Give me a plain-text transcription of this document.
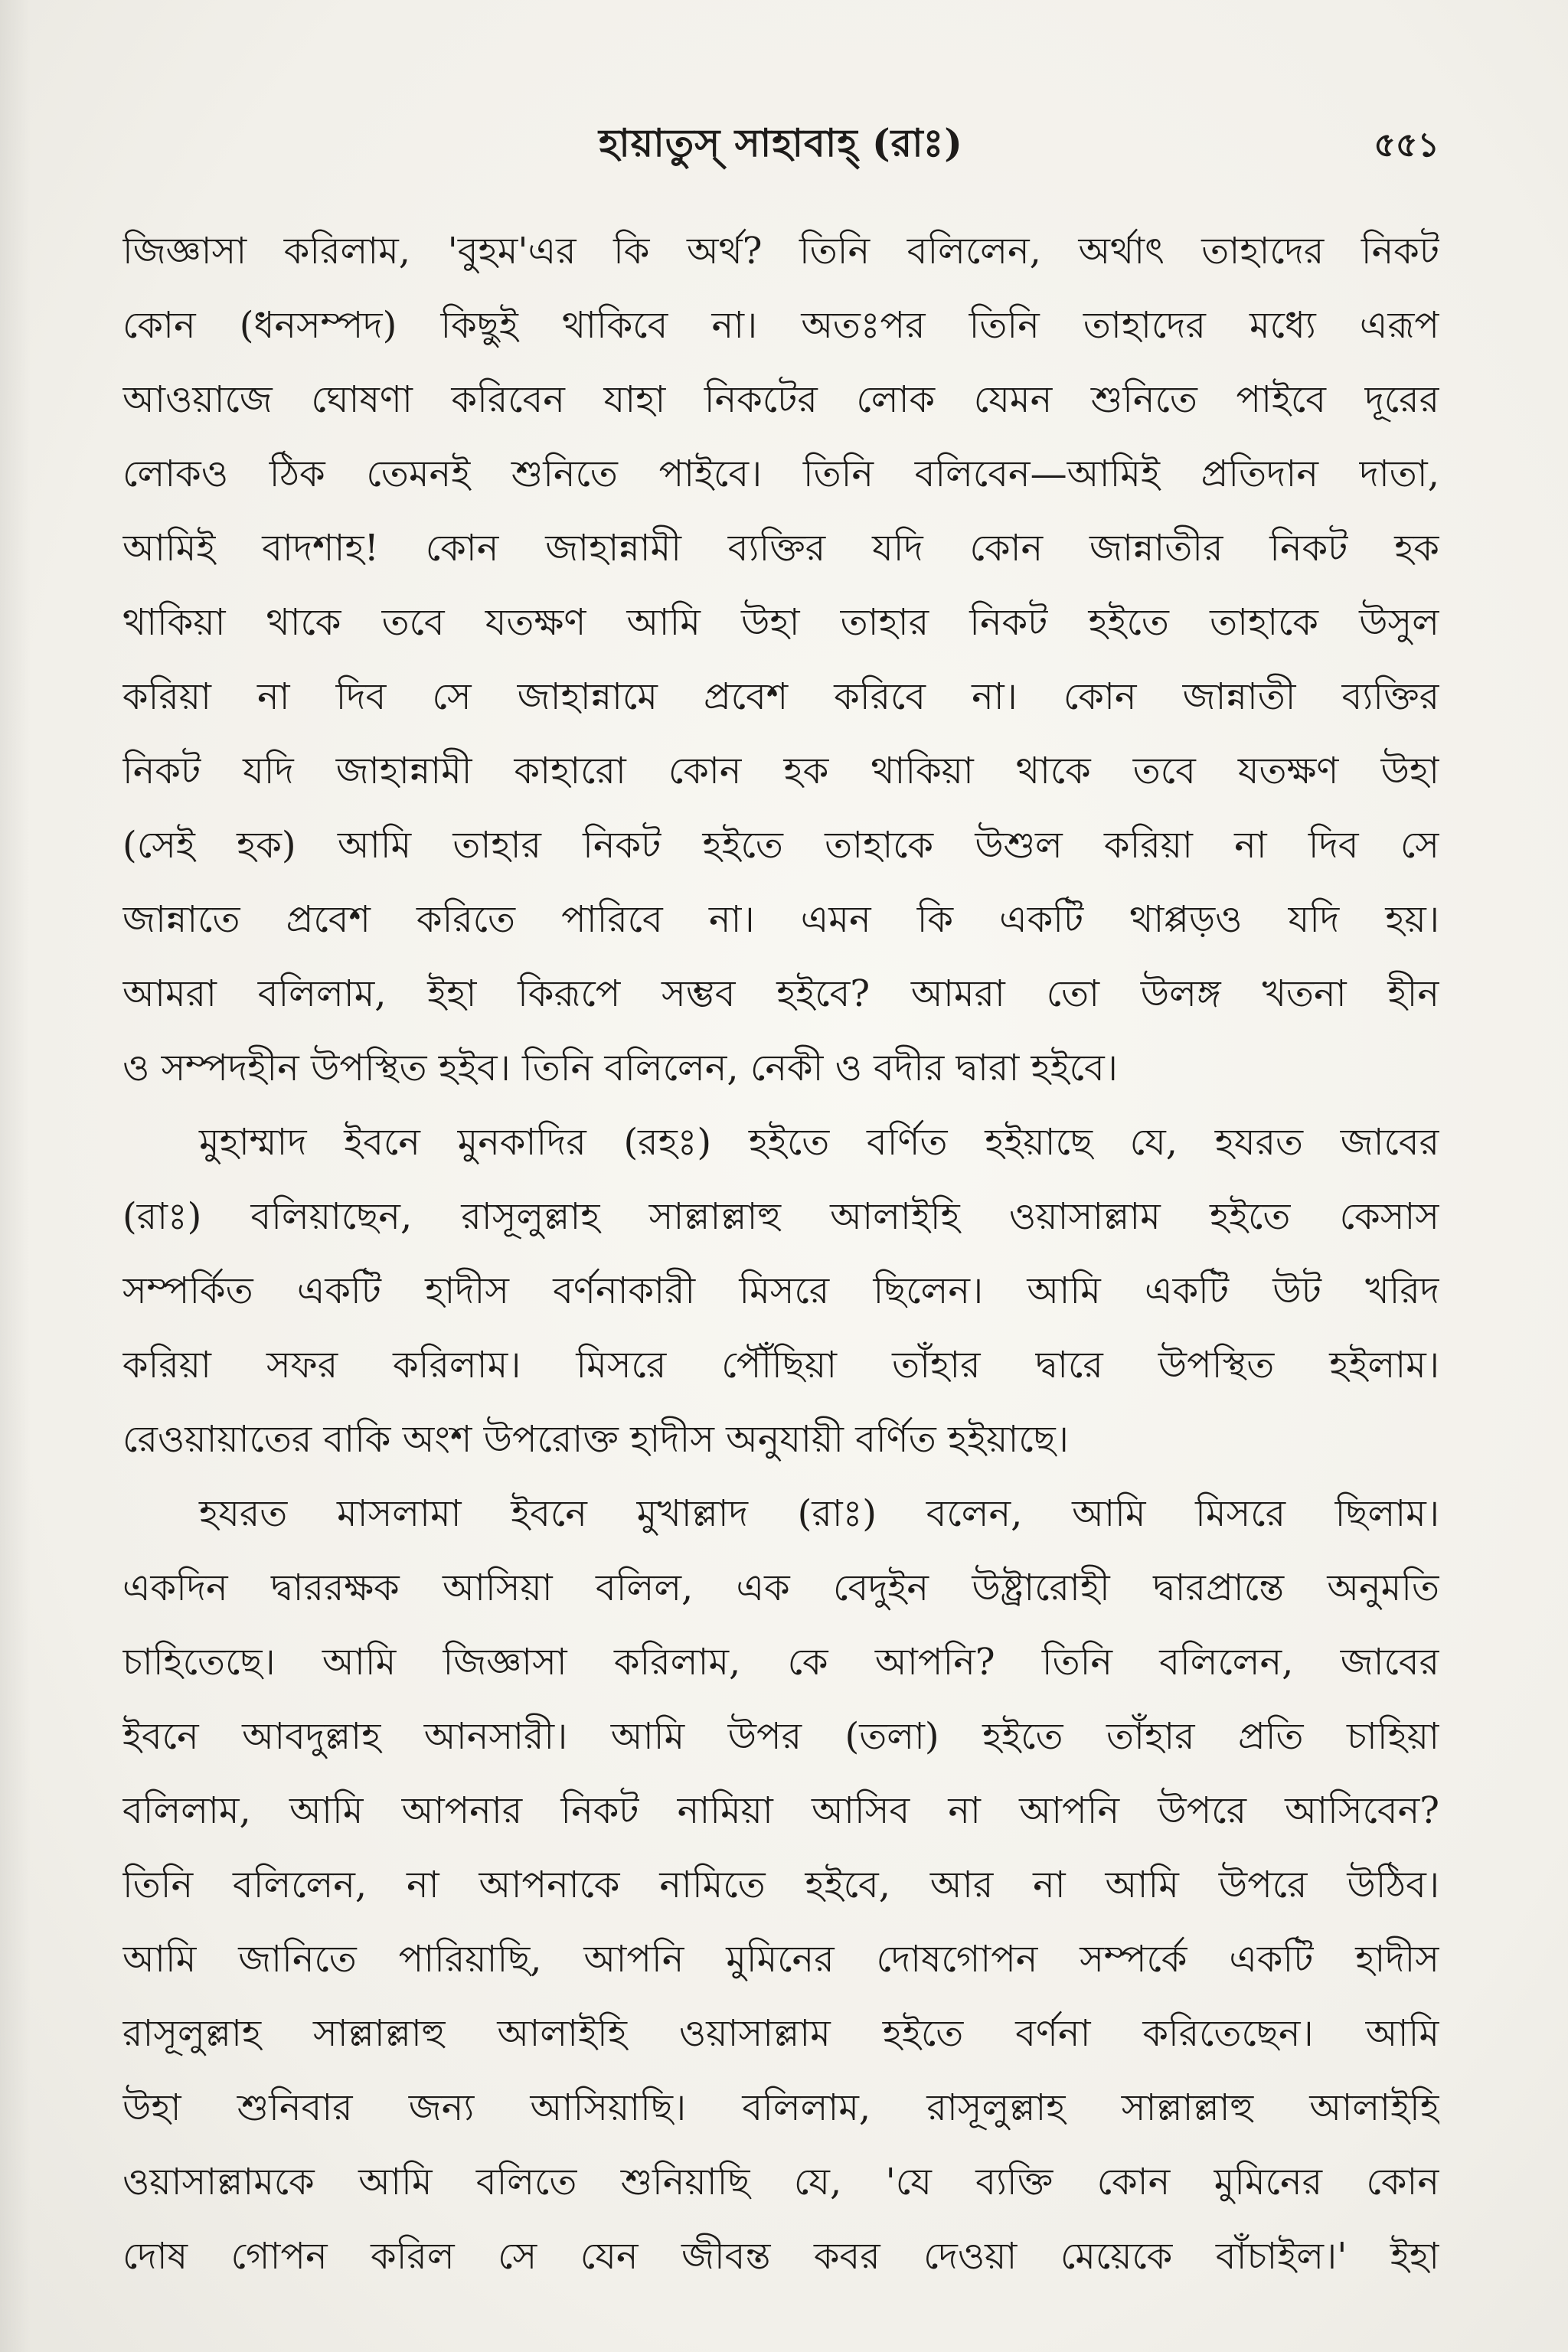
হায়াতুস্ সাহাবাহ্ (রাঃ)	৫৫১
জিজ্ঞাসা করিলাম, 'বুহম'এর কি অর্থ? তিনি বলিলেন, অর্থাৎ তাহাদের নিকট
কোন (ধনসম্পদ) কিছুই থাকিবে না। অতঃপর তিনি তাহাদের মধ্যে এরূপ
আওয়াজে ঘোষণা করিবেন যাহা নিকটের লোক যেমন শুনিতে পাইবে দূরের
লোকও ঠিক তেমনই শুনিতে পাইবে। তিনি বলিবেন—আমিই প্রতিদান দাতা,
আমিই বাদশাহ! কোন জাহান্নামী ব্যক্তির যদি কোন জান্নাতীর নিকট হক
থাকিয়া থাকে তবে যতক্ষণ আমি উহা তাহার নিকট হইতে তাহাকে উসুল
করিয়া না দিব সে জাহান্নামে প্রবেশ করিবে না। কোন জান্নাতী ব্যক্তির
নিকট যদি জাহান্নামী কাহারো কোন হক থাকিয়া থাকে তবে যতক্ষণ উহা
(সেই হক) আমি তাহার নিকট হইতে তাহাকে উশুল করিয়া না দিব সে
জান্নাতে প্রবেশ করিতে পারিবে না। এমন কি একটি থাপ্পড়ও যদি হয়।
আমরা বলিলাম, ইহা কিরূপে সম্ভব হইবে? আমরা তো উলঙ্গ খতনা হীন
ও সম্পদহীন উপস্থিত হইব। তিনি বলিলেন, নেকী ও বদীর দ্বারা হইবে।
মুহাম্মাদ ইবনে মুনকাদির (রহঃ) হইতে বর্ণিত হইয়াছে যে, হযরত জাবের
(রাঃ) বলিয়াছেন, রাসূলুল্লাহ সাল্লাল্লাহু আলাইহি ওয়াসাল্লাম হইতে কেসাস
সম্পর্কিত একটি হাদীস বর্ণনাকারী মিসরে ছিলেন। আমি একটি উট খরিদ
করিয়া সফর করিলাম। মিসরে পৌঁছিয়া তাঁহার দ্বারে উপস্থিত হইলাম।
রেওয়ায়াতের বাকি অংশ উপরোক্ত হাদীস অনুযায়ী বর্ণিত হইয়াছে।
হযরত মাসলামা ইবনে মুখাল্লাদ (রাঃ) বলেন, আমি মিসরে ছিলাম।
একদিন দ্বাররক্ষক আসিয়া বলিল, এক বেদুইন উষ্ট্রারোহী দ্বারপ্রান্তে অনুমতি
চাহিতেছে। আমি জিজ্ঞাসা করিলাম, কে আপনি? তিনি বলিলেন, জাবের
ইবনে আবদুল্লাহ আনসারী। আমি উপর (তলা) হইতে তাঁহার প্রতি চাহিয়া
বলিলাম, আমি আপনার নিকট নামিয়া আসিব না আপনি উপরে আসিবেন?
তিনি বলিলেন, না আপনাকে নামিতে হইবে, আর না আমি উপরে উঠিব।
আমি জানিতে পারিয়াছি, আপনি মুমিনের দোষগোপন সম্পর্কে একটি হাদীস
রাসূলুল্লাহ সাল্লাল্লাহু আলাইহি ওয়াসাল্লাম হইতে বর্ণনা করিতেছেন। আমি
উহা শুনিবার জন্য আসিয়াছি। বলিলাম, রাসূলুল্লাহ সাল্লাল্লাহু আলাইহি
ওয়াসাল্লামকে আমি বলিতে শুনিয়াছি যে, 'যে ব্যক্তি কোন মুমিনের কোন
দোষ গোপন করিল সে যেন জীবন্ত কবর দেওয়া মেয়েকে বাঁচাইল।' ইহা
